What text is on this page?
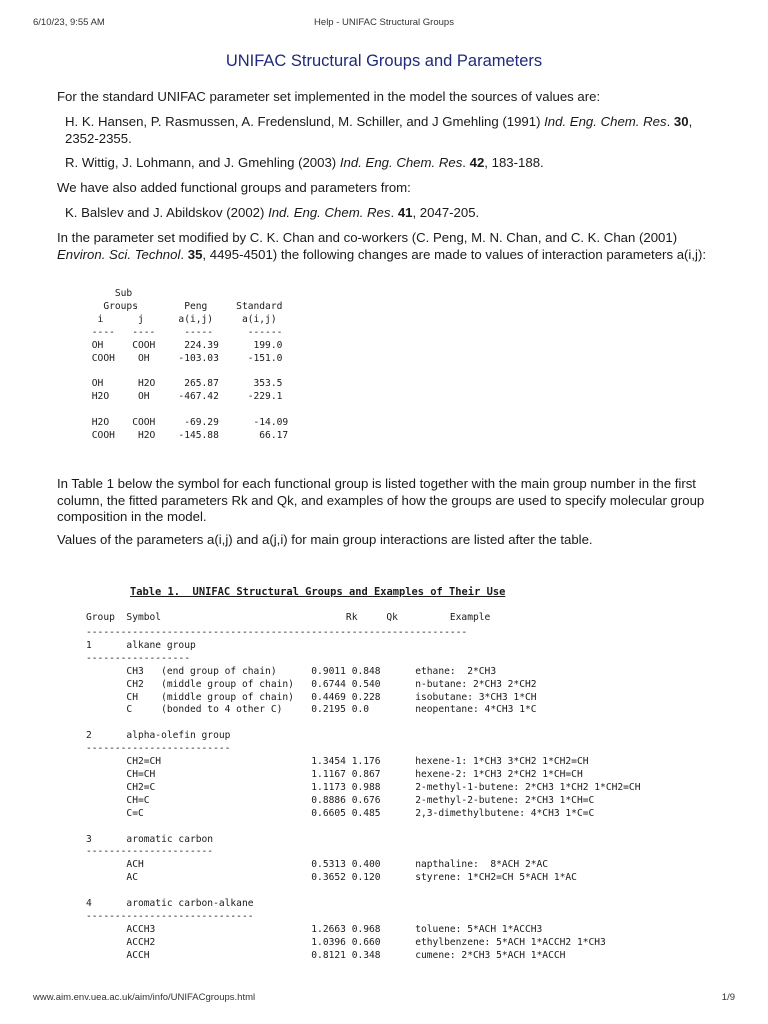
6/10/23, 9:55 AM	Help - UNIFAC Structural Groups
UNIFAC Structural Groups and Parameters

For the standard UNIFAC parameter set implemented in the model the sources of values are:

H. K. Hansen, P. Rasmussen, A. Fredenslund, M. Schiller, and J Gmehling (1991) Ind. Eng. Chem. Res. 30, 2352-2355.

R. Wittig, J. Lohmann, and J. Gmehling (2003) Ind. Eng. Chem. Res. 42, 183-188.

We have also added functional groups and parameters from:

K. Balslev and J. Abildskov (2002) Ind. Eng. Chem. Res. 41, 2047-205.

In the parameter set modified by C. K. Chan and co-workers (C. Peng, M. N. Chan, and C. K. Chan (2001) Environ. Sci. Technol. 35, 4495-4501) the following changes are made to values of interaction parameters a(i,j):

Sub
Groups        Peng     Standard
i      j      a(i,j)     a(i,j)
----   ----     -----      ------
OH     COOH     224.39      199.0
COOH    OH     -103.03     -151.0

OH      H2O     265.87      353.5
H2O     OH     -467.42     -229.1

H2O    COOH     -69.29      -14.09
COOH    H2O    -145.88       66.17

In Table 1 below the symbol for each functional group is listed together with the main group number in the first column, the fitted parameters Rk and Qk, and examples of how the groups are used to specify molecular group composition in the model.

Values of the parameters a(i,j) and a(j,i) for main group interactions are listed after the table.

Table 1.  UNIFAC Structural Groups and Examples of Their Use
Group  Symbol                                Rk     Qk         Example
------------------------------------------------------------------
1      alkane group
------------------
CH3   (end group of chain)      0.9011 0.848      ethane:  2*CH3
CH2   (middle group of chain)   0.6744 0.540      n-butane: 2*CH3 2*CH2
CH    (middle group of chain)   0.4469 0.228      isobutane: 3*CH3 1*CH
C     (bonded to 4 other C)     0.2195 0.0        neopentane: 4*CH3 1*C

2      alpha-olefin group
-------------------------
CH2=CH                          1.3454 1.176      hexene-1: 1*CH3 3*CH2 1*CH2=CH
CH=CH                           1.1167 0.867      hexene-2: 1*CH3 2*CH2 1*CH=CH
CH2=C                           1.1173 0.988      2-methyl-1-butene: 2*CH3 1*CH2 1*CH2=CH
CH=C                            0.8886 0.676      2-methyl-2-butene: 2*CH3 1*CH=C
C=C                             0.6605 0.485      2,3-dimethylbutene: 4*CH3 1*C=C

3      aromatic carbon
----------------------
ACH                             0.5313 0.400      napthaline:  8*ACH 2*AC
AC                              0.3652 0.120      styrene: 1*CH2=CH 5*ACH 1*AC

4      aromatic carbon-alkane
-----------------------------
ACCH3                           1.2663 0.968      toluene: 5*ACH 1*ACCH3
ACCH2                           1.0396 0.660      ethylbenzene: 5*ACH 1*ACCH2 1*CH3
ACCH                            0.8121 0.348      cumene: 2*CH3 5*ACH 1*ACCH
www.aim.env.uea.ac.uk/aim/info/UNIFACgroups.html	1/9
